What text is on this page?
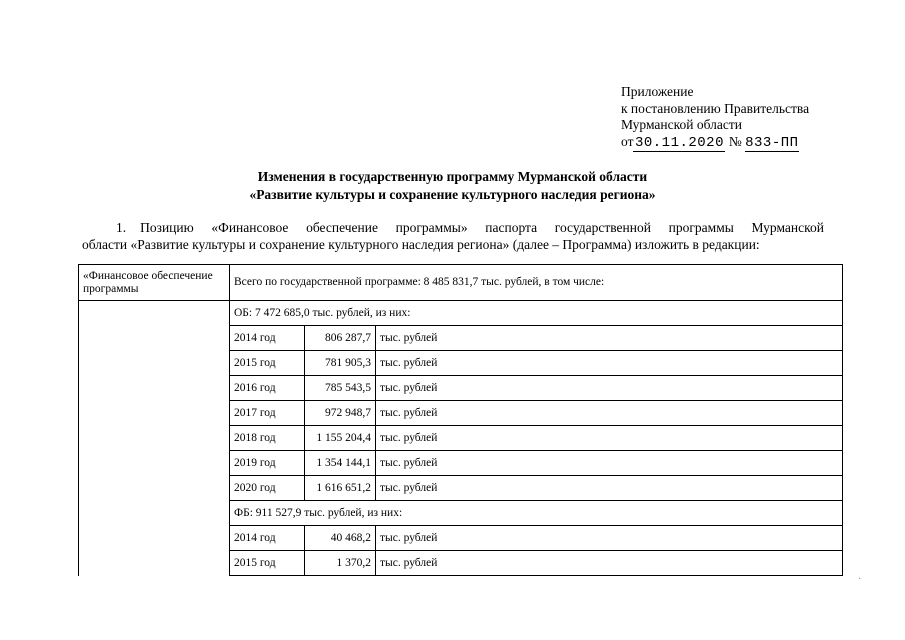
Приложение
к постановлению Правительства
Мурманской области
от30.11.2020 № 833-ПП
Изменения в государственную программу Мурманской области
«Развитие культуры и сохранение культурного наследия региона»
1. Позицию «Финансовое обеспечение программы» паспорта государственной программы Мурманской
области «Развитие культуры и сохранение культурного наследия региона» (далее – Программа) изложить в редакции:
«Финансовое обеспечение программы	Всего по государственной программе: 8 485 831,7 тыс. рублей, в том числе:		
	ОБ: 7 472 685,0 тыс. рублей, из них:		
	2014 год	806 287,7	тыс. рублей
	2015 год	781 905,3	тыс. рублей
	2016 год	785 543,5	тыс. рублей
	2017 год	972 948,7	тыс. рублей
	2018 год	1 155 204,4	тыс. рублей
	2019 год	1 354 144,1	тыс. рублей
	2020 год	1 616 651,2	тыс. рублей
	ФБ: 911 527,9 тыс. рублей, из них:		
	2014 год	40 468,2	тыс. рублей
	2015 год	1 370,2	тыс. рублей
·
